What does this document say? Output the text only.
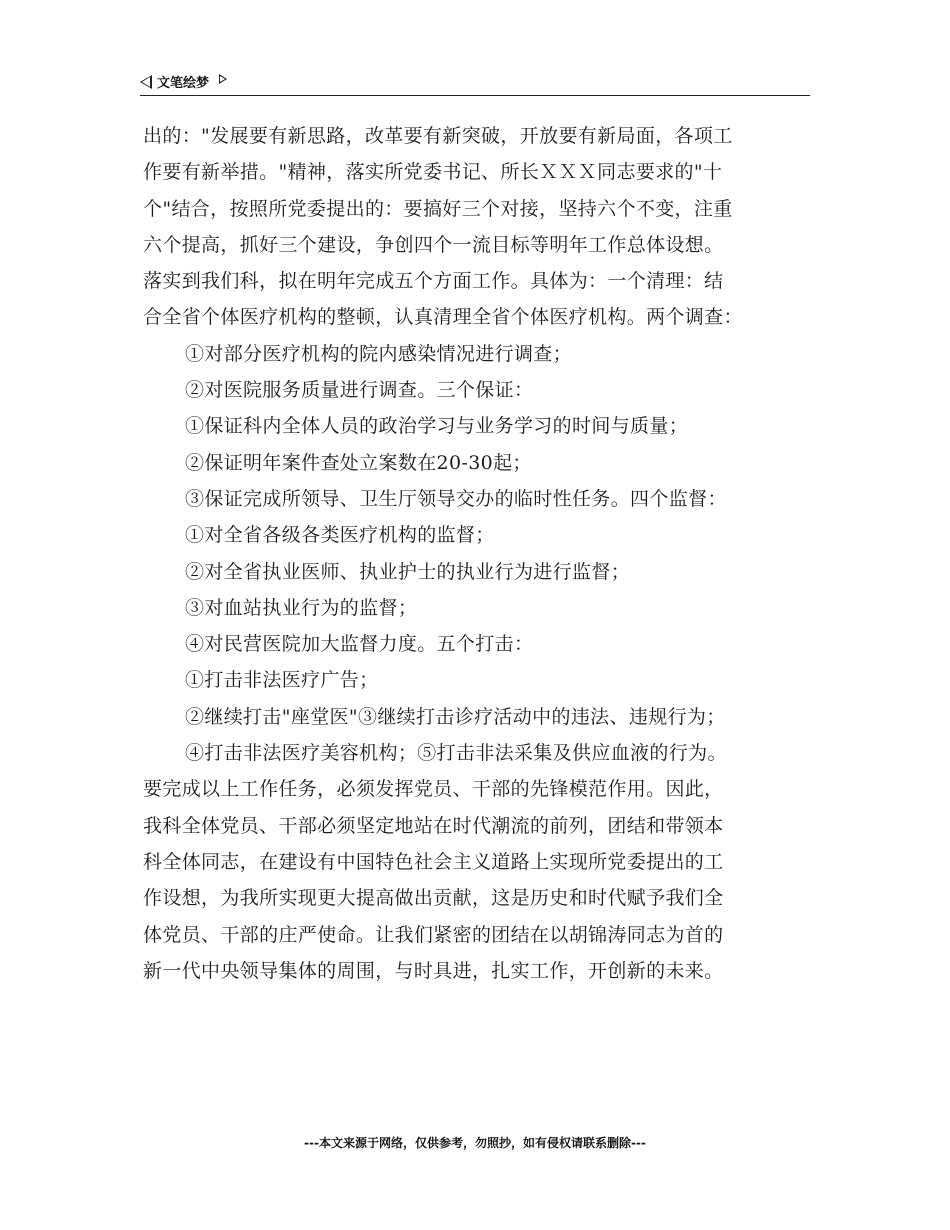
文笔绘梦
出的："发展要有新思路，改革要有新突破，开放要有新局面，各项工
作要有新举措。"精神，落实所党委书记、所长ＸＸＸ同志要求的"十
个"结合，按照所党委提出的：要搞好三个对接，坚持六个不变，注重
六个提高，抓好三个建设，争创四个一流目标等明年工作总体设想。
落实到我们科，拟在明年完成五个方面工作。具体为：一个清理：结
合全省个体医疗机构的整顿，认真清理全省个体医疗机构。两个调查：
①对部分医疗机构的院内感染情况进行调查；
②对医院服务质量进行调查。三个保证：
①保证科内全体人员的政治学习与业务学习的时间与质量；
②保证明年案件查处立案数在20-30起；
③保证完成所领导、卫生厅领导交办的临时性任务。四个监督：
①对全省各级各类医疗机构的监督；
②对全省执业医师、执业护士的执业行为进行监督；
③对血站执业行为的监督；
④对民营医院加大监督力度。五个打击：
①打击非法医疗广告；
②继续打击"座堂医"③继续打击诊疗活动中的违法、违规行为；
④打击非法医疗美容机构；⑤打击非法采集及供应血液的行为。
要完成以上工作任务，必须发挥党员、干部的先锋模范作用。因此，
我科全体党员、干部必须坚定地站在时代潮流的前列，团结和带领本
科全体同志，在建设有中国特色社会主义道路上实现所党委提出的工
作设想，为我所实现更大提高做出贡献，这是历史和时代赋予我们全
体党员、干部的庄严使命。让我们紧密的团结在以胡锦涛同志为首的
新一代中央领导集体的周围，与时具进，扎实工作，开创新的未来。
---本文来源于网络，仅供参考，勿照抄，如有侵权请联系删除---
